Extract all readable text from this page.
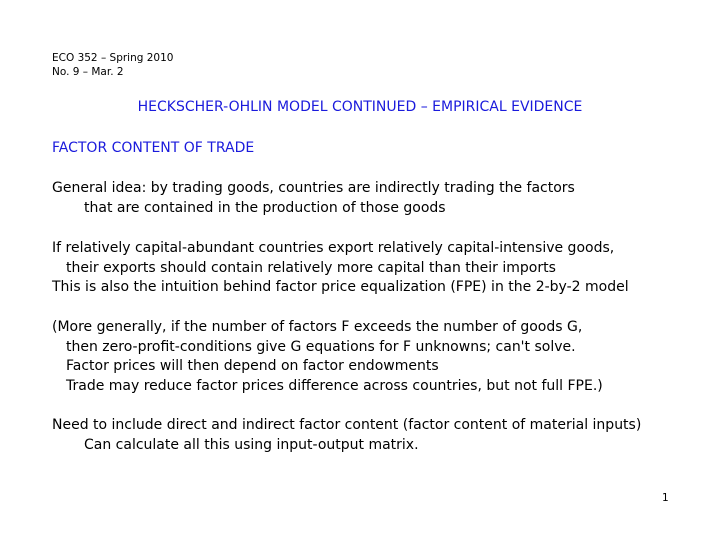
ECO 352 – Spring 2010
No. 9 – Mar. 2
HECKSCHER-OHLIN MODEL CONTINUED – EMPIRICAL EVIDENCE
FACTOR CONTENT OF TRADE
General idea: by trading goods, countries are indirectly trading the factors
that are contained in the production of those goods
If relatively capital-abundant countries export relatively capital-intensive goods,
their exports should contain relatively more capital than their imports
This is also the intuition behind factor price equalization (FPE) in the 2-by-2 model
(More generally, if the number of factors F exceeds the number of goods G,
then zero-profit-conditions give G equations for F unknowns; can't solve.
Factor prices will then depend on factor endowments
Trade may reduce factor prices difference across countries, but not full FPE.)
Need to include direct and indirect factor content (factor content of material inputs)
Can calculate all this using input-output matrix.
1
